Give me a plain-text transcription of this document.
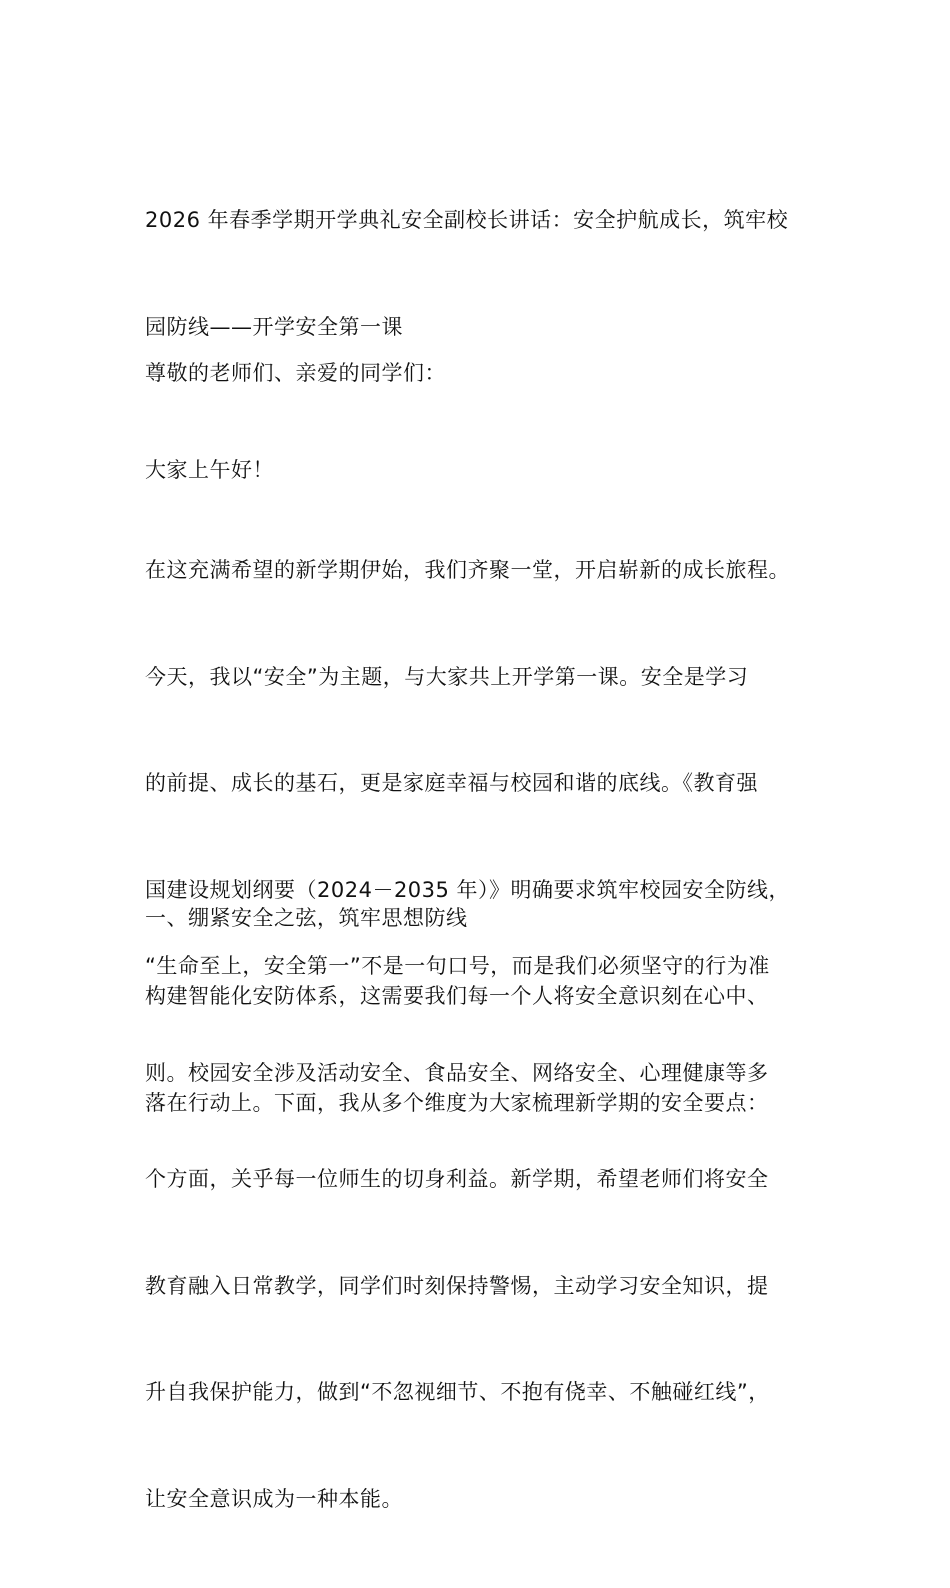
2026 年春季学期开学典礼安全副校长讲话：安全护航成长，筑牢校

园防线——开学安全第一课

尊敬的老师们、亲爱的同学们：

大家上午好！

在这充满希望的新学期伊始，我们齐聚一堂，开启崭新的成长旅程。

今天，我以“安全”为主题，与大家共上开学第一课。安全是学习

的前提、成长的基石，更是家庭幸福与校园和谐的底线。《教育强

国建设规划纲要（2024－2035 年）》明确要求筑牢校园安全防线，

构建智能化安防体系，这需要我们每一个人将安全意识刻在心中、

落在行动上。下面，我从多个维度为大家梳理新学期的安全要点：

一、绷紧安全之弦，筑牢思想防线

“生命至上，安全第一”不是一句口号，而是我们必须坚守的行为准

则。校园安全涉及活动安全、食品安全、网络安全、心理健康等多

个方面，关乎每一位师生的切身利益。新学期，希望老师们将安全

教育融入日常教学，同学们时刻保持警惕，主动学习安全知识，提

升自我保护能力，做到“不忽视细节、不抱有侥幸、不触碰红线”，

让安全意识成为一种本能。
